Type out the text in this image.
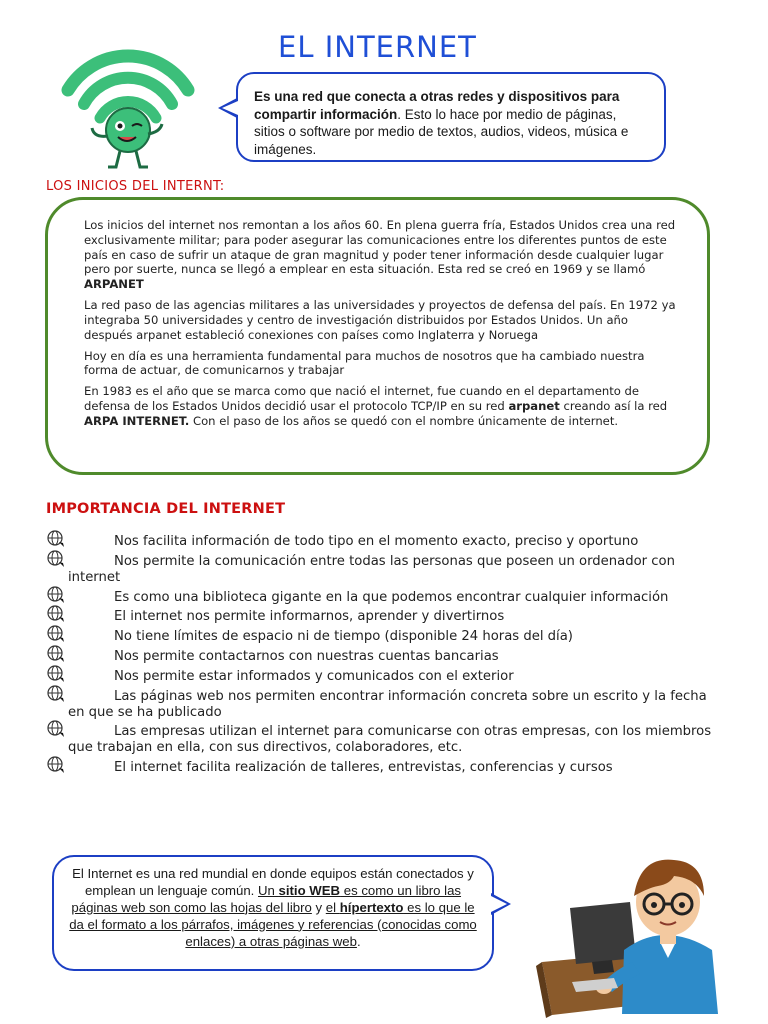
EL INTERNET
Es una red que conecta a otras redes y dispositivos para compartir información. Esto lo hace por medio de páginas, sitios o software por medio de textos, audios, videos, música e imágenes.
LOS INICIOS DEL INTERNT:

Los inicios del internet nos remontan a los años 60. En plena guerra fría, Estados Unidos crea una red exclusivamente militar; para poder asegurar las comunicaciones entre los diferentes puntos de este país en caso de sufrir un ataque de gran magnitud y poder tener información desde cualquier lugar pero por suerte, nunca se llegó a emplear en esta situación. Esta red se creó en 1969 y se llamó ARPANET

La red paso de las agencias militares a las universidades y proyectos de defensa del país. En 1972 ya integraba 50 universidades y centro de investigación distribuidos por Estados Unidos. Un año después arpanet estableció conexiones con países como Inglaterra y Noruega

Hoy en día es una herramienta fundamental para muchos de nosotros que ha cambiado nuestra forma de actuar, de comunicarnos y trabajar

En 1983 es el año que se marca como que nació el internet, fue cuando en el departamento de defensa de los Estados Unidos decidió usar el protocolo TCP/IP en su red arpanet creando así la red ARPA INTERNET. Con el paso de los años se quedó con el nombre únicamente de internet.

IMPORTANCIA DEL INTERNET
Nos facilita información de todo tipo en el momento exacto, preciso y oportuno
Nos permite la comunicación entre todas las personas que poseen un ordenador con internet
Es como una biblioteca gigante en la que podemos encontrar cualquier información
El internet nos permite informarnos, aprender y divertirnos
No tiene límites de espacio ni de tiempo (disponible 24 horas del día)
Nos permite contactarnos con nuestras cuentas bancarias
Nos permite estar informados y comunicados con el exterior
Las páginas web nos permiten encontrar información concreta sobre un escrito y la fecha en que se ha publicado
Las empresas utilizan el internet para comunicarse con otras empresas, con los miembros que trabajan en ella, con sus directivos, colaboradores, etc.
El internet facilita realización de talleres, entrevistas, conferencias y cursos
El Internet es una red mundial en donde equipos están conectados y emplean un lenguaje común. Un sitio WEB es como un libro las páginas web son como las hojas del libro y el hípertexto es lo que le da el formato a los párrafos, imágenes y referencias (conocidas como enlaces) a otras páginas web.
